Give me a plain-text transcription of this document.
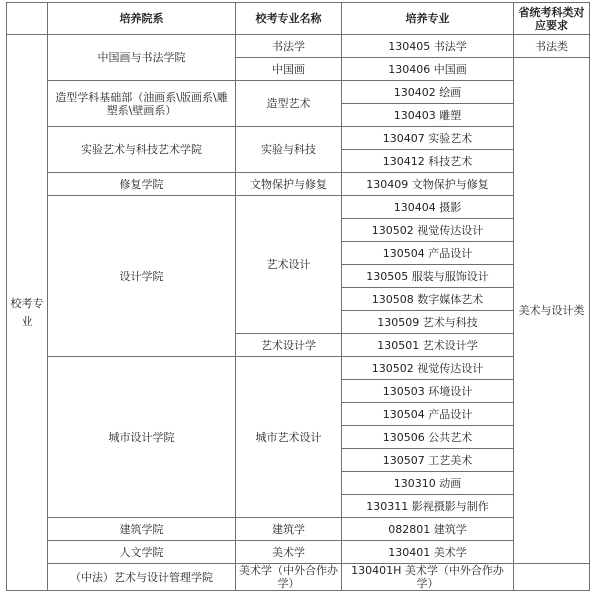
	培养院系	校考专业名称	培养专业	省统考科类对应要求
校考专业	中国画与书法学院	书法学	130405 书法学	书法类
		中国画	130406 中国画	美术与设计类
	造型学科基础部（油画系\版画系\雕塑系\壁画系）	造型艺术	130402 绘画	
			130403 雕塑	
	实验艺术与科技艺术学院	实验与科技	130407 实验艺术	
			130412 科技艺术	
	修复学院	文物保护与修复	130409 文物保护与修复	
	设计学院	艺术设计	130404 摄影	
			130502 视觉传达设计	
			130504 产品设计	
			130505 服装与服饰设计	
			130508 数字媒体艺术	
			130509 艺术与科技	
		艺术设计学	130501 艺术设计学	
	城市设计学院	城市艺术设计	130502 视觉传达设计	
			130503 环境设计	
			130504 产品设计	
			130506 公共艺术	
			130507 工艺美术	
			130310 动画	
			130311 影视摄影与制作	
	建筑学院	建筑学	082801 建筑学	
	人文学院	美术学	130401 美术学	
	（中法）艺术与设计管理学院	美术学（中外合作办学）	130401H 美术学（中外合作办学）	
